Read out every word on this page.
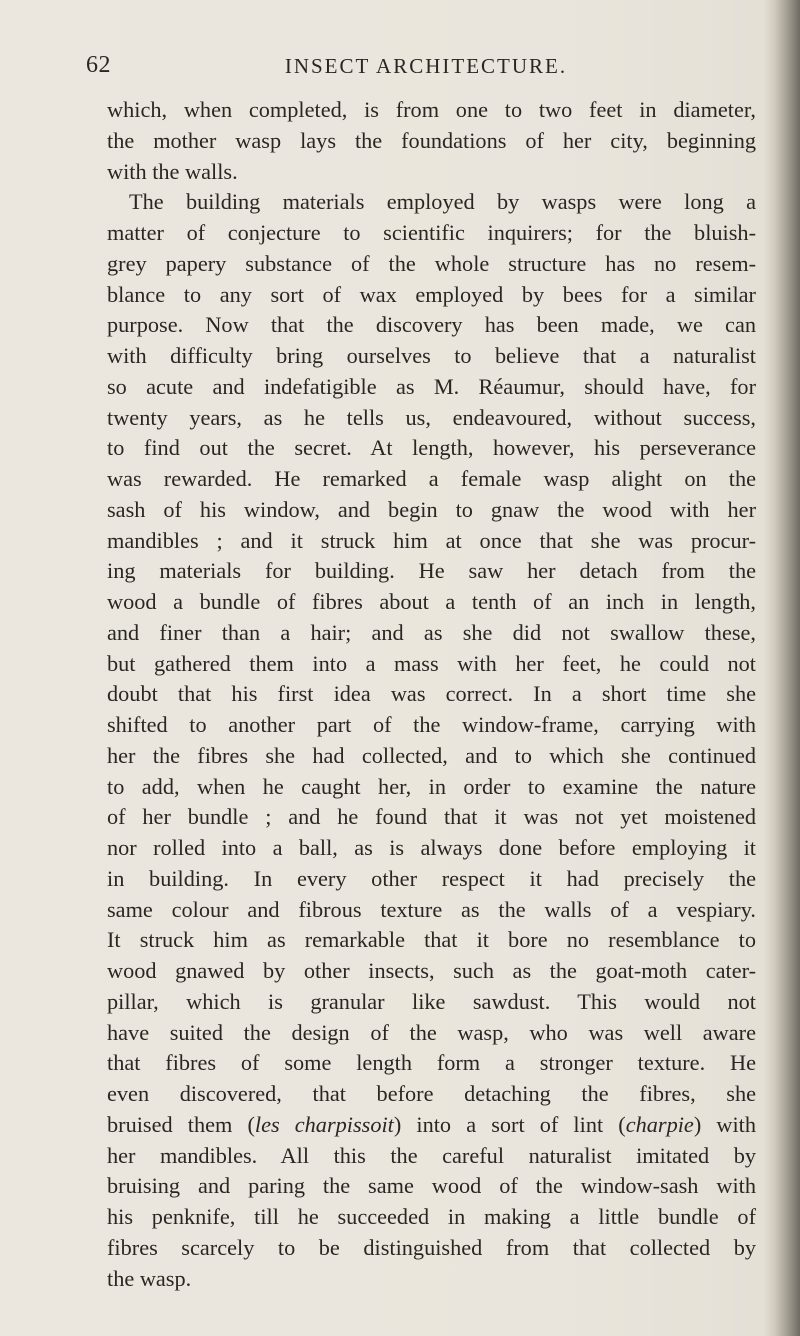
62	INSECT ARCHITECTURE.
which, when completed, is from one to two feet in diameter,
the mother wasp lays the foundations of her city, beginning
with the walls.
The building materials employed by wasps were long a
matter of conjecture to scientific inquirers; for the bluish-
grey papery substance of the whole structure has no resem-
blance to any sort of wax employed by bees for a similar
purpose. Now that the discovery has been made, we can
with difficulty bring ourselves to believe that a naturalist
so acute and indefatigible as M. Réaumur, should have, for
twenty years, as he tells us, endeavoured, without success,
to find out the secret. At length, however, his perseverance
was rewarded. He remarked a female wasp alight on the
sash of his window, and begin to gnaw the wood with her
mandibles ; and it struck him at once that she was procur-
ing materials for building. He saw her detach from the
wood a bundle of fibres about a tenth of an inch in length,
and finer than a hair; and as she did not swallow these,
but gathered them into a mass with her feet, he could not
doubt that his first idea was correct. In a short time she
shifted to another part of the window-frame, carrying with
her the fibres she had collected, and to which she continued
to add, when he caught her, in order to examine the nature
of her bundle ; and he found that it was not yet moistened
nor rolled into a ball, as is always done before employing it
in building. In every other respect it had precisely the
same colour and fibrous texture as the walls of a vespiary.
It struck him as remarkable that it bore no resemblance to
wood gnawed by other insects, such as the goat-moth cater-
pillar, which is granular like sawdust. This would not
have suited the design of the wasp, who was well aware
that fibres of some length form a stronger texture. He
even discovered, that before detaching the fibres, she
bruised them (les charpissoit) into a sort of lint (charpie) with
her mandibles. All this the careful naturalist imitated by
bruising and paring the same wood of the window-sash with
his penknife, till he succeeded in making a little bundle of
fibres scarcely to be distinguished from that collected by
the wasp.
